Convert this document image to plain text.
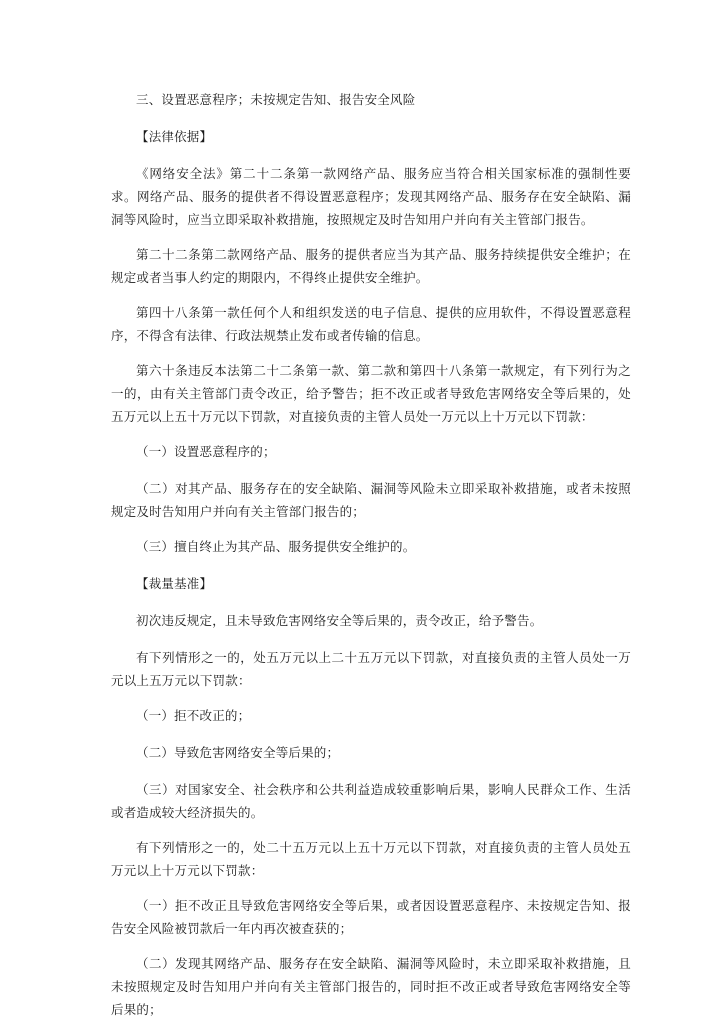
三、设置恶意程序；未按规定告知、报告安全风险

【法律依据】

《网络安全法》第二十二条第一款网络产品、服务应当符合相关国家标准的强制性要求。网络产品、服务的提供者不得设置恶意程序；发现其网络产品、服务存在安全缺陷、漏洞等风险时，应当立即采取补救措施，按照规定及时告知用户并向有关主管部门报告。

第二十二条第二款网络产品、服务的提供者应当为其产品、服务持续提供安全维护；在规定或者当事人约定的期限内，不得终止提供安全维护。

第四十八条第一款任何个人和组织发送的电子信息、提供的应用软件，不得设置恶意程序，不得含有法律、行政法规禁止发布或者传输的信息。

第六十条违反本法第二十二条第一款、第二款和第四十八条第一款规定，有下列行为之一的，由有关主管部门责令改正，给予警告；拒不改正或者导致危害网络安全等后果的，处五万元以上五十万元以下罚款，对直接负责的主管人员处一万元以上十万元以下罚款：

（一）设置恶意程序的；

（二）对其产品、服务存在的安全缺陷、漏洞等风险未立即采取补救措施，或者未按照规定及时告知用户并向有关主管部门报告的；

（三）擅自终止为其产品、服务提供安全维护的。

【裁量基准】

初次违反规定，且未导致危害网络安全等后果的，责令改正，给予警告。

有下列情形之一的，处五万元以上二十五万元以下罚款，对直接负责的主管人员处一万元以上五万元以下罚款：

（一）拒不改正的；

（二）导致危害网络安全等后果的；

（三）对国家安全、社会秩序和公共利益造成较重影响后果，影响人民群众工作、生活或者造成较大经济损失的。

有下列情形之一的，处二十五万元以上五十万元以下罚款，对直接负责的主管人员处五万元以上十万元以下罚款：

（一）拒不改正且导致危害网络安全等后果，或者因设置恶意程序、未按规定告知、报告安全风险被罚款后一年内再次被查获的；

（二）发现其网络产品、服务存在安全缺陷、漏洞等风险时，未立即采取补救措施，且未按照规定及时告知用户并向有关主管部门报告的，同时拒不改正或者导致危害网络安全等后果的；
